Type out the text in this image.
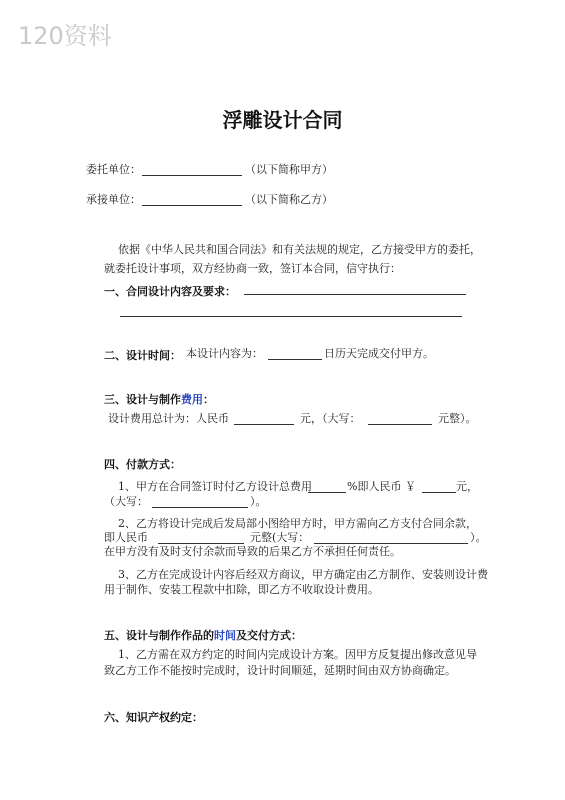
120资料
浮雕设计合同
委托单位：	（以下简称甲方）
承接单位：	（以下简称乙方）
依据《中华人民共和国合同法》和有关法规的规定，乙方接受甲方的委托，
就委托设计事项，双方经协商一致，签订本合同，信守执行：
一、合同设计内容及要求：
二、设计时间： 本设计内容为：	日历天完成交付甲方。
三、设计与制作费用：
设计费用总计为：人民币	元，（大写：	元整）。
四、付款方式：
1、甲方在合同签订时付乙方设计总费用	%即人民币 ￥	元，
（大写：	）。
2、乙方将设计完成后发局部小图给甲方时，甲方需向乙方支付合同余款，
即人民币	元整(大写：	）。
在甲方没有及时支付余款而导致的后果乙方不承担任何责任。
3、乙方在完成设计内容后经双方商议，甲方确定由乙方制作、安装则设计费
用于制作、安装工程款中扣除，即乙方不收取设计费用。
五、设计与制作作品的时间及交付方式：
1、乙方需在双方约定的时间内完成设计方案。因甲方反复提出修改意见导
致乙方工作不能按时完成时，设计时间顺延，延期时间由双方协商确定。
六、知识产权约定：
